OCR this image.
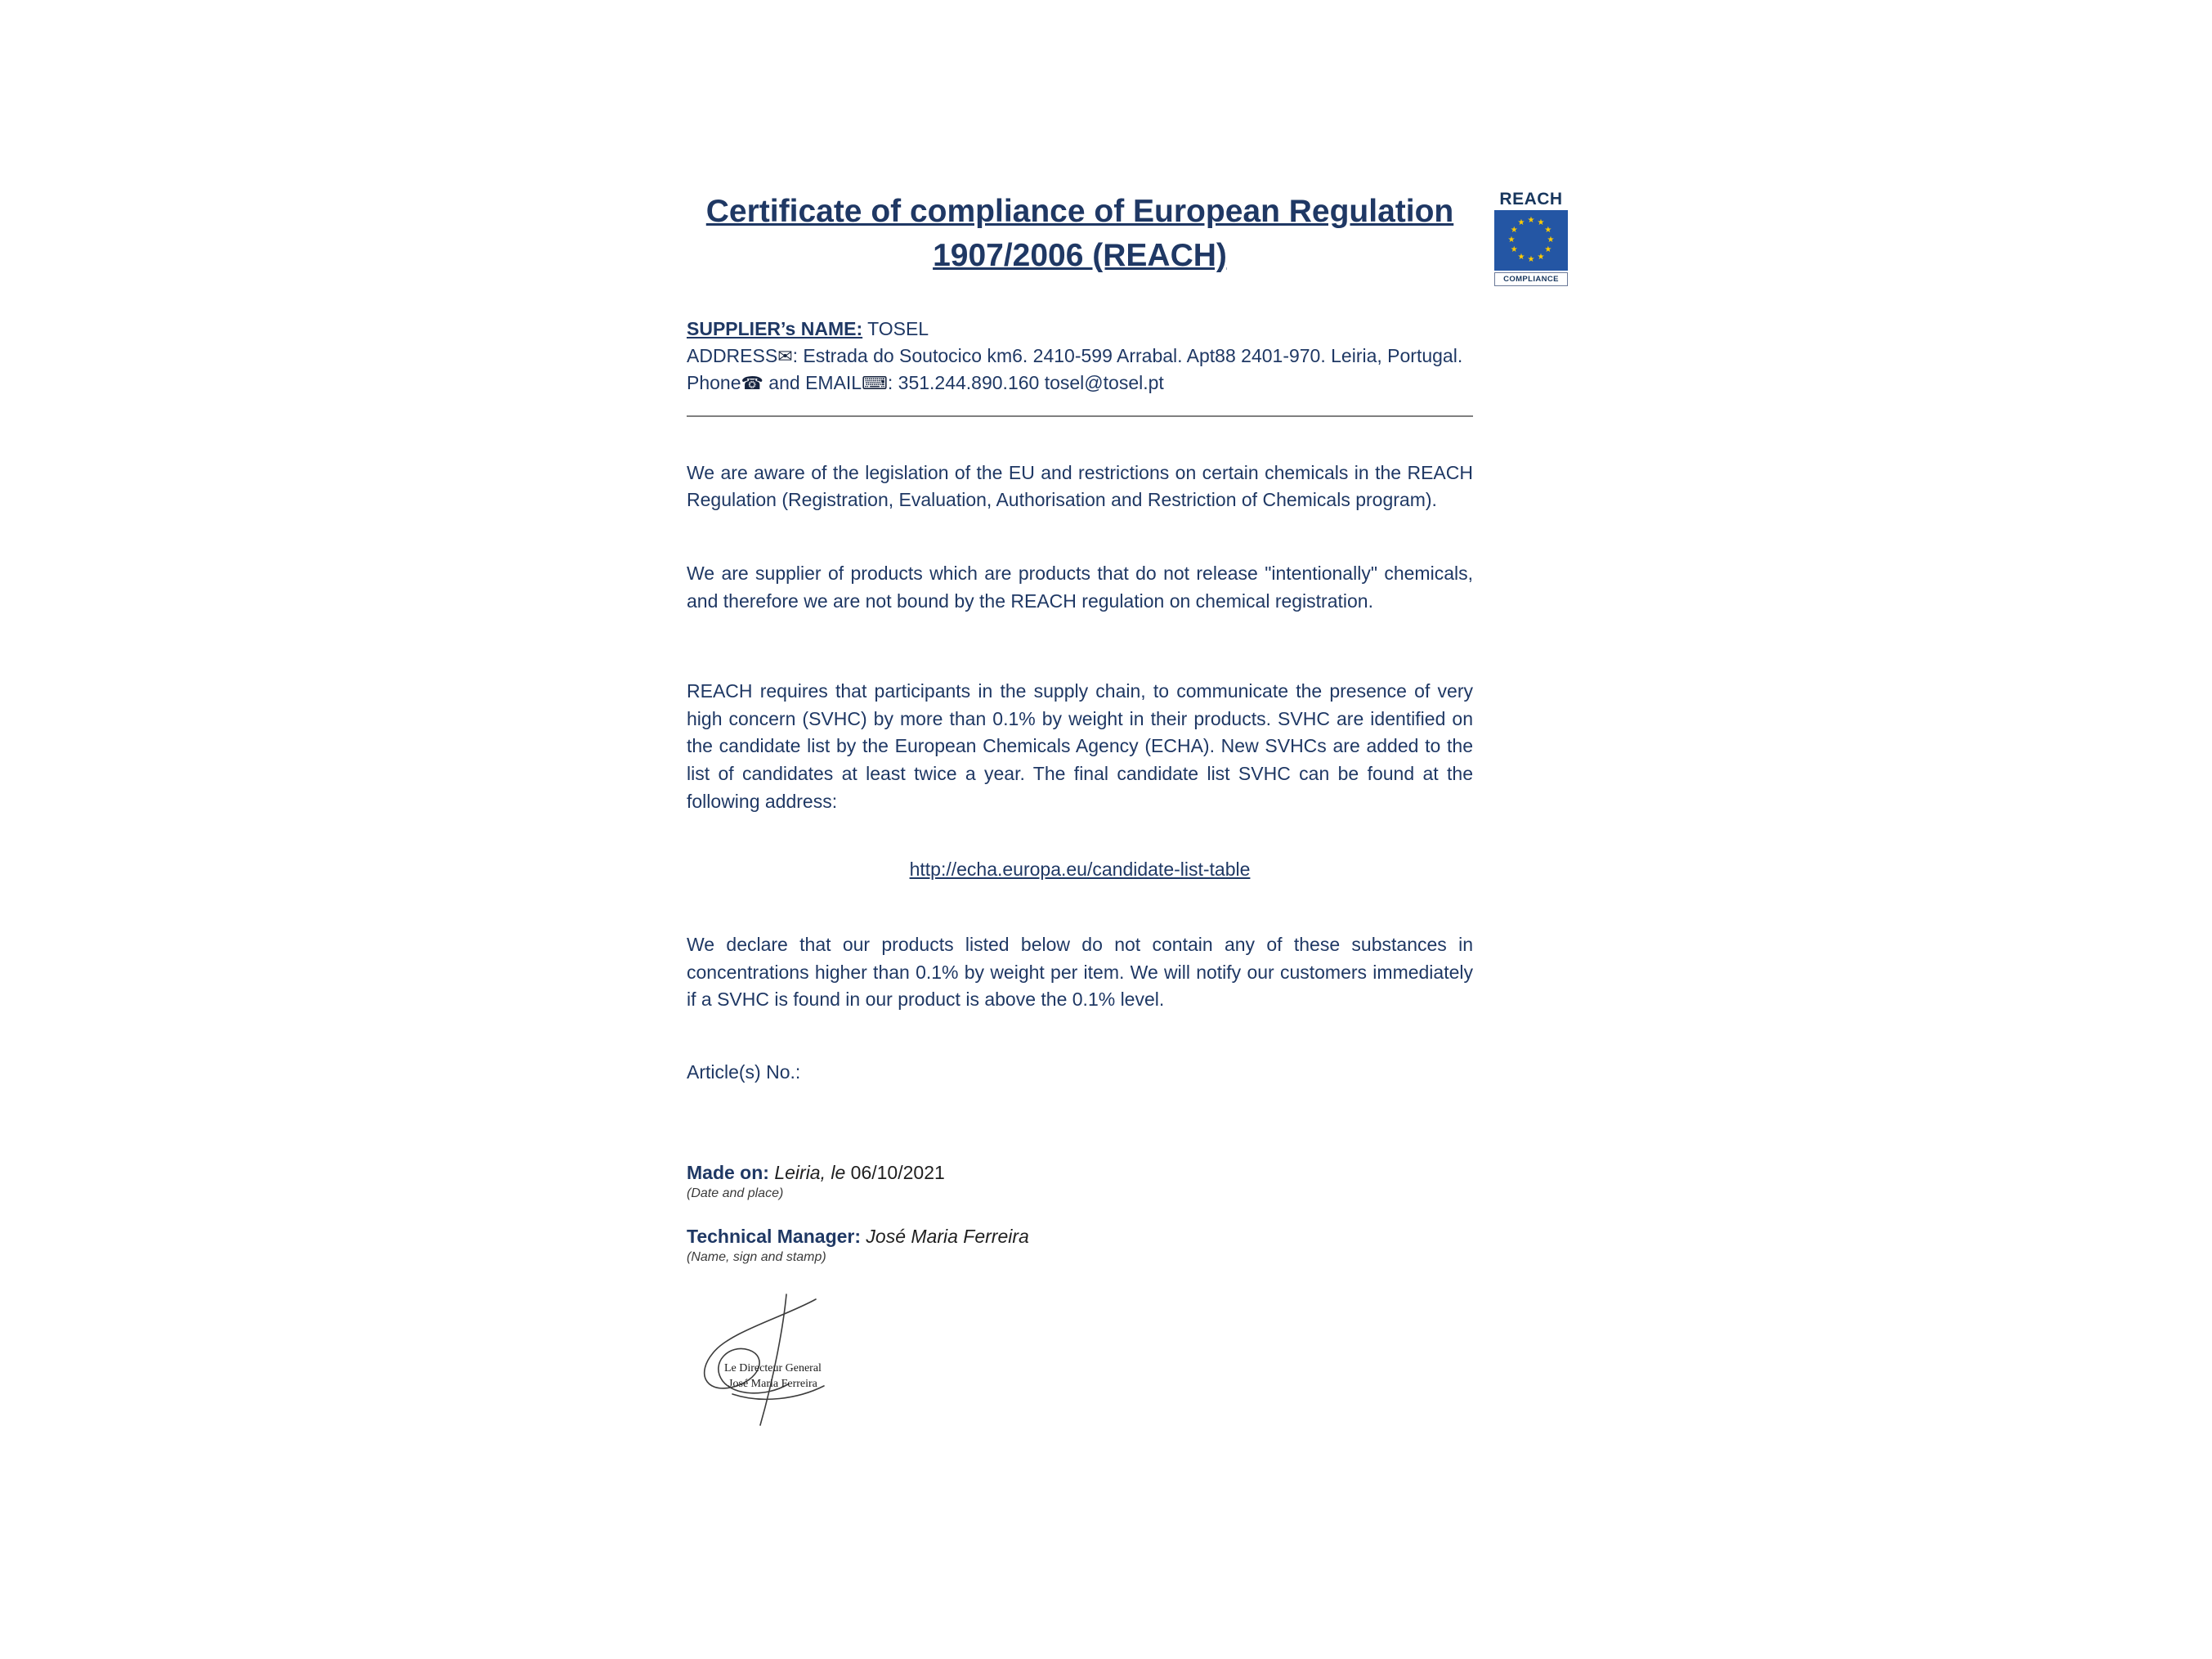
Certificate of compliance of European Regulation
1907/2006 (REACH)
SUPPLIER’s NAME: TOSEL
ADDRESS✉: Estrada do Soutocico km6. 2410-599 Arrabal. Apt88 2401-970. Leiria, Portugal.
Phone☎ and EMAIL⌨: 351.244.890.160 tosel@tosel.pt

We are aware of the legislation of the EU and restrictions on certain chemicals in the REACH Regulation (Registration, Evaluation, Authorisation and Restriction of Chemicals program).

We are supplier of products which are products that do not release "intentionally" chemicals, and therefore we are not bound by the REACH regulation on chemical registration.

REACH requires that participants in the supply chain, to communicate the presence of very high concern (SVHC) by more than 0.1% by weight in their products. SVHC are identified on the candidate list by the European Chemicals Agency (ECHA). New SVHCs are added to the list of candidates at least twice a year. The final candidate list SVHC can be found at the following address:

http://echa.europa.eu/candidate-list-table

We declare that our products listed below do not contain any of these substances in concentrations higher than 0.1% by weight per item. We will notify our customers immediately if a SVHC is found in our product is above the 0.1% level.

Article(s) No.:
Made on: Leiria, le 06/10/2021
(Date and place)
Technical Manager: José Maria Ferreira
(Name, sign and stamp)
Le Directeur General
José Maria Ferreira
REACH
★ ★
★
★
★
★
★
★
★
★
★
★
COMPLIANCE
